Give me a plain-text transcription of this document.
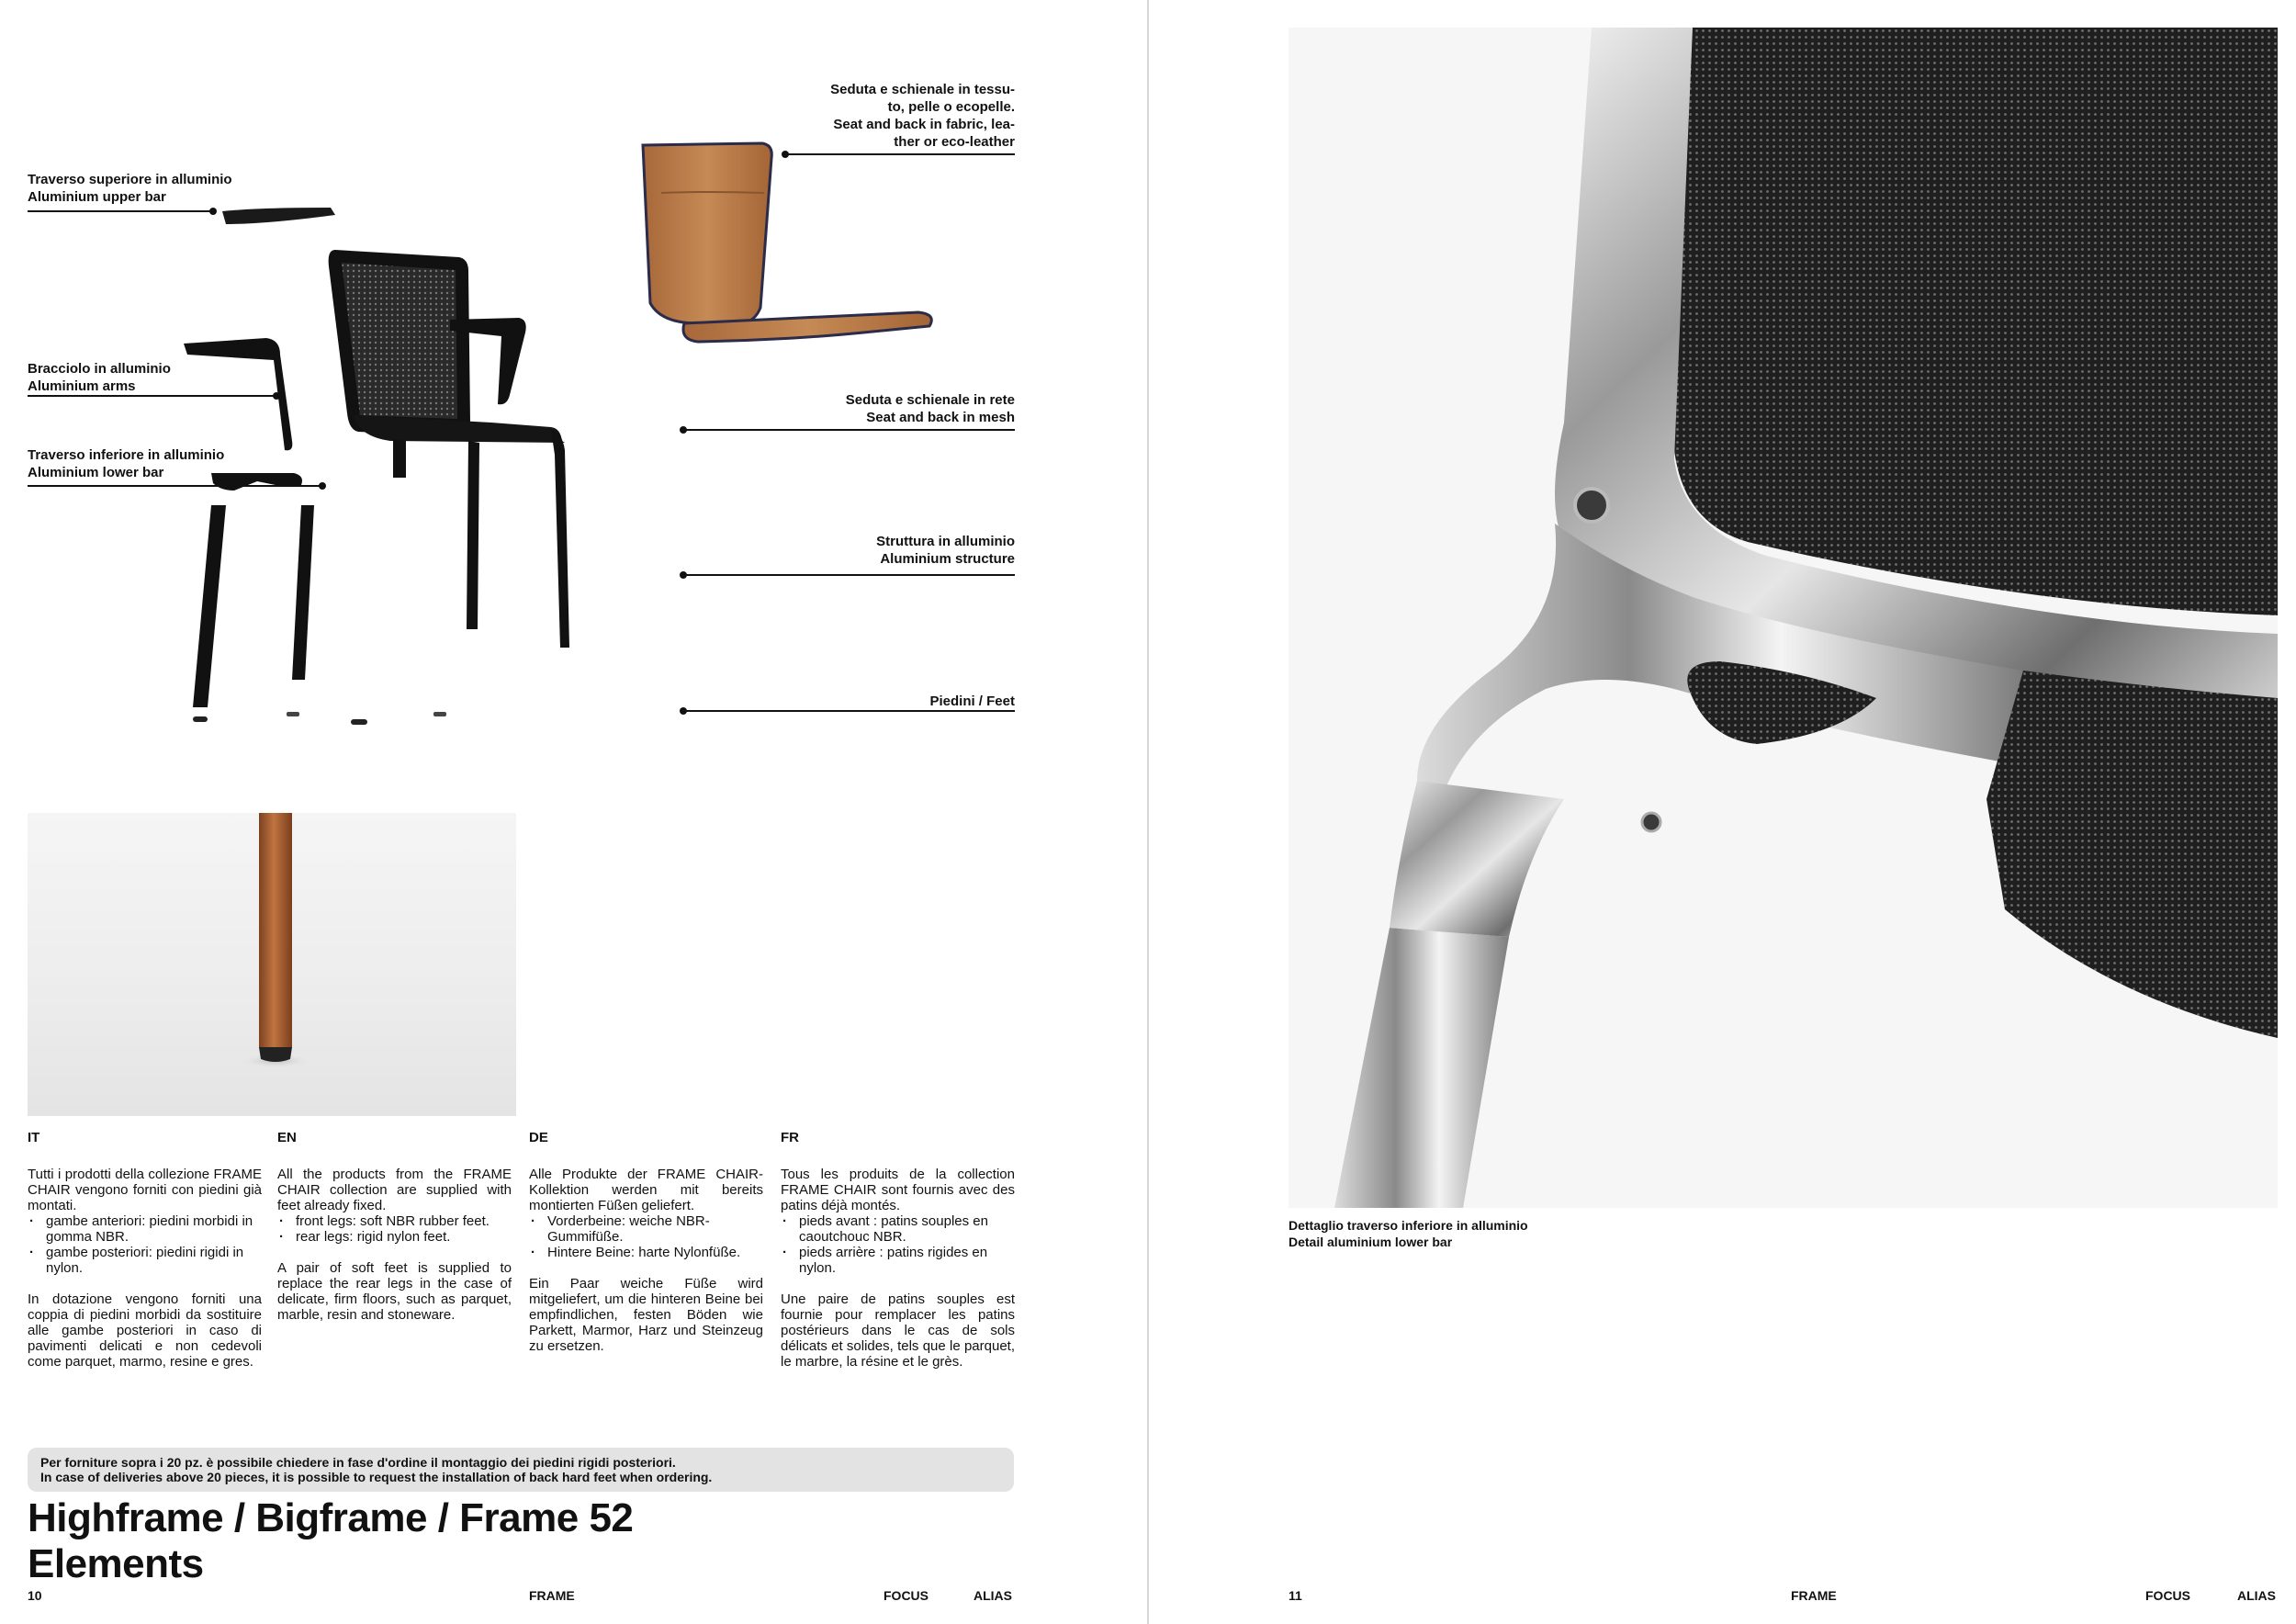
Traverso superiore in alluminio
Aluminium upper bar
Bracciolo in alluminio
Aluminium arms
Traverso inferiore in alluminio
Aluminium lower bar
Seduta e schienale in tessu-
to, pelle o ecopelle.
Seat and back in fabric, lea-
ther or eco-leather
Seduta e schienale in rete
Seat and back in mesh
Struttura in alluminio
Aluminium structure
Piedini / Feet
IT

Tutti i prodotti della collezione FRAME CHAIR vengono forniti con piedini già montati.

· gambe anteriori: piedini morbidi in gomma NBR.
· gambe posteriori: piedini rigidi in nylon.

In dotazione vengono forniti una coppia di piedini morbidi da sostituire alle gambe posteriori in caso di pavimenti delicati e non cedevoli come parquet, marmo, resine e gres.

EN

All the products from the FRAME CHAIR collection are supplied with feet already fixed.

· front legs: soft NBR rubber feet.
· rear legs: rigid nylon feet.

A pair of soft feet is supplied to replace the rear legs in the case of delicate, firm floors, such as parquet, marble, resin and stoneware.

DE

Alle Produkte der FRAME CHAIR-Kollektion werden mit bereits montierten Füßen geliefert.

· Vorderbeine: weiche NBR-Gummifüße.
· Hintere Beine: harte Nylonfüße.

Ein Paar weiche Füße wird mitgeliefert, um die hinteren Beine bei empfindlichen, festen Böden wie Parkett, Marmor, Harz und Steinzeug zu ersetzen.

FR

Tous les produits de la collection FRAME CHAIR sont fournis avec des patins déjà montés.

· pieds avant : patins souples en caoutchouc NBR.
· pieds arrière : patins rigides en nylon.

Une paire de patins souples est fournie pour remplacer les patins postérieurs dans le cas de sols délicats et solides, tels que le parquet, le marbre, la résine et le grès.

Per forniture sopra i 20 pz. è possibile chiedere in fase d'ordine il montaggio dei piedini rigidi posteriori.
In case of deliveries above 20 pieces, it is possible to request the installation of back hard feet when ordering.
Highframe / Bigframe / Frame 52
Elements
10	FRAME	FOCUS	ALIAS	11	FRAME	FOCUS	ALIAS
Dettaglio traverso inferiore in alluminio
Detail aluminium lower bar
